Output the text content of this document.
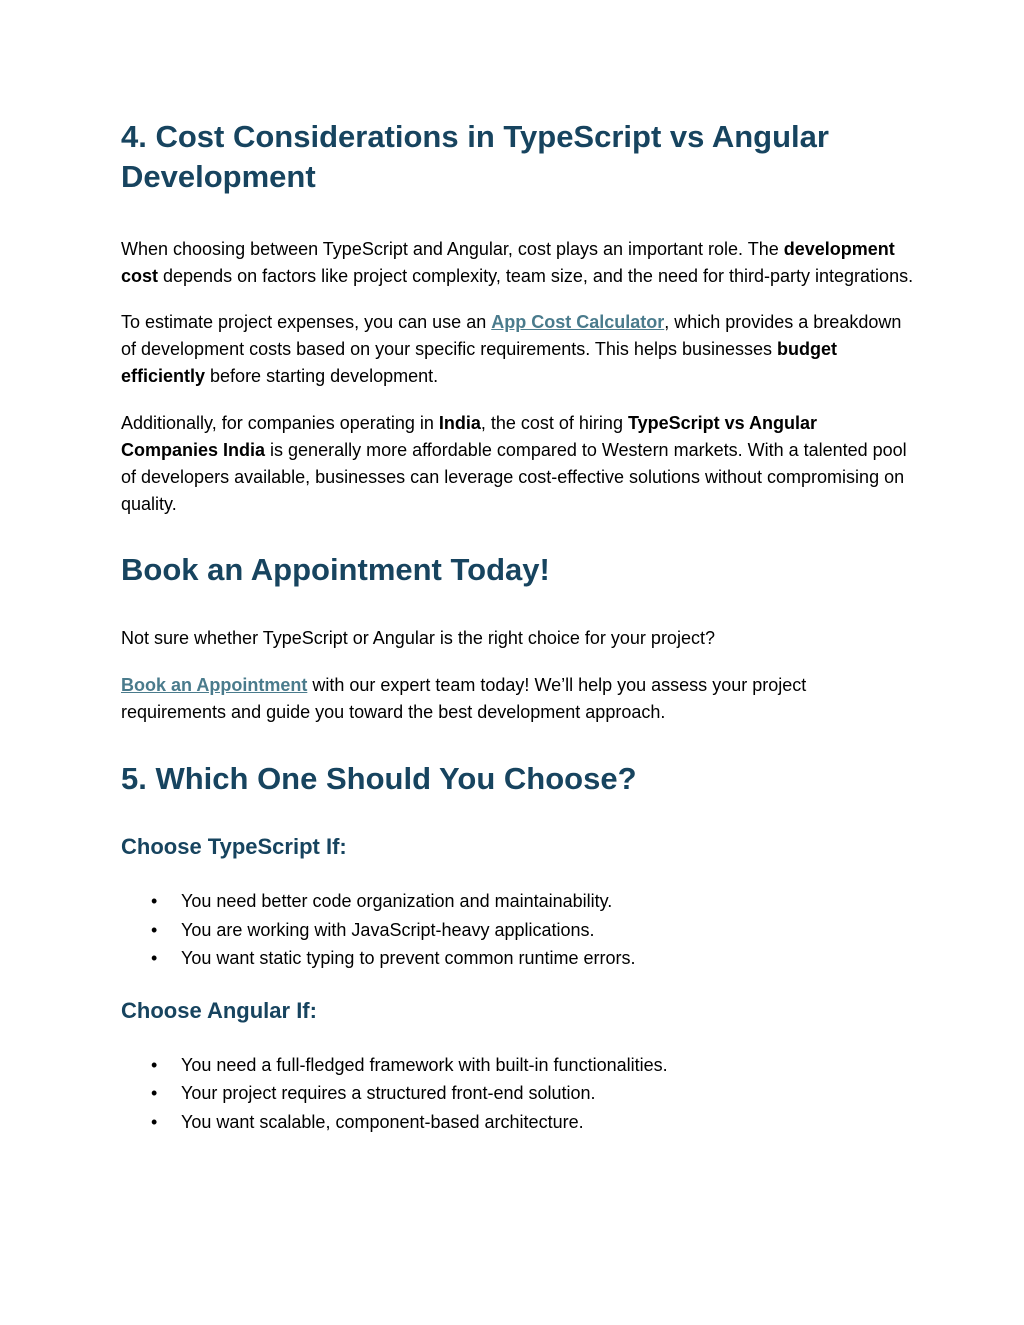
4. Cost Considerations in TypeScript vs Angular Development

When choosing between TypeScript and Angular, cost plays an important role. The development cost depends on factors like project complexity, team size, and the need for third-party integrations.

To estimate project expenses, you can use an App Cost Calculator, which provides a breakdown of development costs based on your specific requirements. This helps businesses budget efficiently before starting development.

Additionally, for companies operating in India, the cost of hiring TypeScript vs Angular Companies India is generally more affordable compared to Western markets. With a talented pool of developers available, businesses can leverage cost-effective solutions without compromising on quality.

Book an Appointment Today!

Not sure whether TypeScript or Angular is the right choice for your project?

Book an Appointment with our expert team today! We’ll help you assess your project requirements and guide you toward the best development approach.

5. Which One Should You Choose?
Choose TypeScript If:
• You need better code organization and maintainability.
• You are working with JavaScript-heavy applications.
• You want static typing to prevent common runtime errors.
Choose Angular If:
• You need a full-fledged framework with built-in functionalities.
• Your project requires a structured front-end solution.
• You want scalable, component-based architecture.
